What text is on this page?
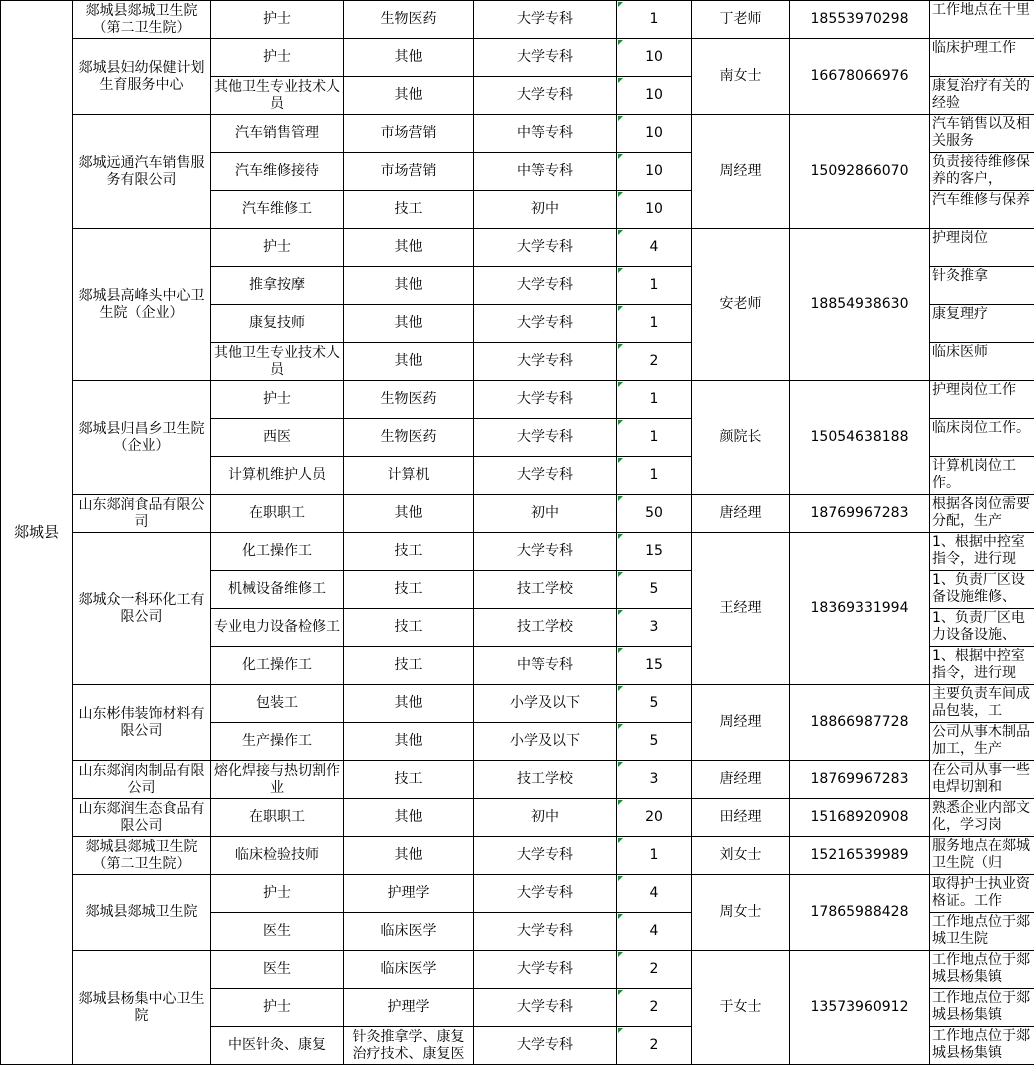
郯城县	郯城县郯城卫生院（第二卫生院）	护士	生物医药	大学专科	1	丁老师	18553970298	工作地点在十里

	郯城县妇幼保健计划生育服务中心	护士	其他	大学专科	10	南女士	16678066976	临床护理工作

		其他卫生专业技术人员	其他	大学专科	10			康复治疗有关的经验

	郯城远通汽车销售服务有限公司	汽车销售管理	市场营销	中等专科	10	周经理	15092866070	汽车销售以及相关服务

		汽车维修接待	市场营销	中等专科	10			负责接待维修保养的客户，

		汽车维修工	技工	初中	10			汽车维修与保养

	郯城县高峰头中心卫生院（企业）	护士	其他	大学专科	4	安老师	18854938630	护理岗位

		推拿按摩	其他	大学专科	1			针灸推拿

		康复技师	其他	大学专科	1			康复理疗

		其他卫生专业技术人员	其他	大学专科	2			临床医师

	郯城县归昌乡卫生院（企业）	护士	生物医药	大学专科	1	颜院长	15054638188	护理岗位工作

		西医	生物医药	大学专科	1			临床岗位工作。

		计算机维护人员	计算机	大学专科	1			计算机岗位工作。

	山东郯润食品有限公司	在职职工	其他	初中	50	唐经理	18769967283	根据各岗位需要分配，生产

	郯城众一科环化工有限公司	化工操作工	技工	大学专科	15	王经理	18369331994	1、根据中控室指令，进行现

		机械设备维修工	技工	技工学校	5			1、负责厂区设备设施维修、

		专业电力设备检修工	技工	技工学校	3			1、负责厂区电力设备设施、

		化工操作工	技工	中等专科	15			1、根据中控室指令，进行现

	山东彬伟装饰材料有限公司	包装工	其他	小学及以下	5	周经理	18866987728	主要负责车间成品包装，工

		生产操作工	其他	小学及以下	5			公司从事木制品加工，生产

	山东郯润肉制品有限公司	熔化焊接与热切割作业	技工	技工学校	3	唐经理	18769967283	在公司从事一些电焊切割和

	山东郯润生态食品有限公司	在职职工	其他	初中	20	田经理	15168920908	熟悉企业内部文化，学习岗

	郯城县郯城卫生院（第二卫生院）	临床检验技师	其他	大学专科	1	刘女士	15216539989	服务地点在郯城卫生院（归

	郯城县郯城卫生院	护士	护理学	大学专科	4	周女士	17865988428	取得护士执业资格证。工作

		医生	临床医学	大学专科	4			工作地点位于郯城卫生院

	郯城县杨集中心卫生院	医生	临床医学	大学专科	2	于女士	13573960912	工作地点位于郯城县杨集镇

		护士	护理学	大学专科	2			工作地点位于郯城县杨集镇

		中医针灸、康复	针灸推拿学、康复治疗技术、康复医	大学专科	2			工作地点位于郯城县杨集镇
